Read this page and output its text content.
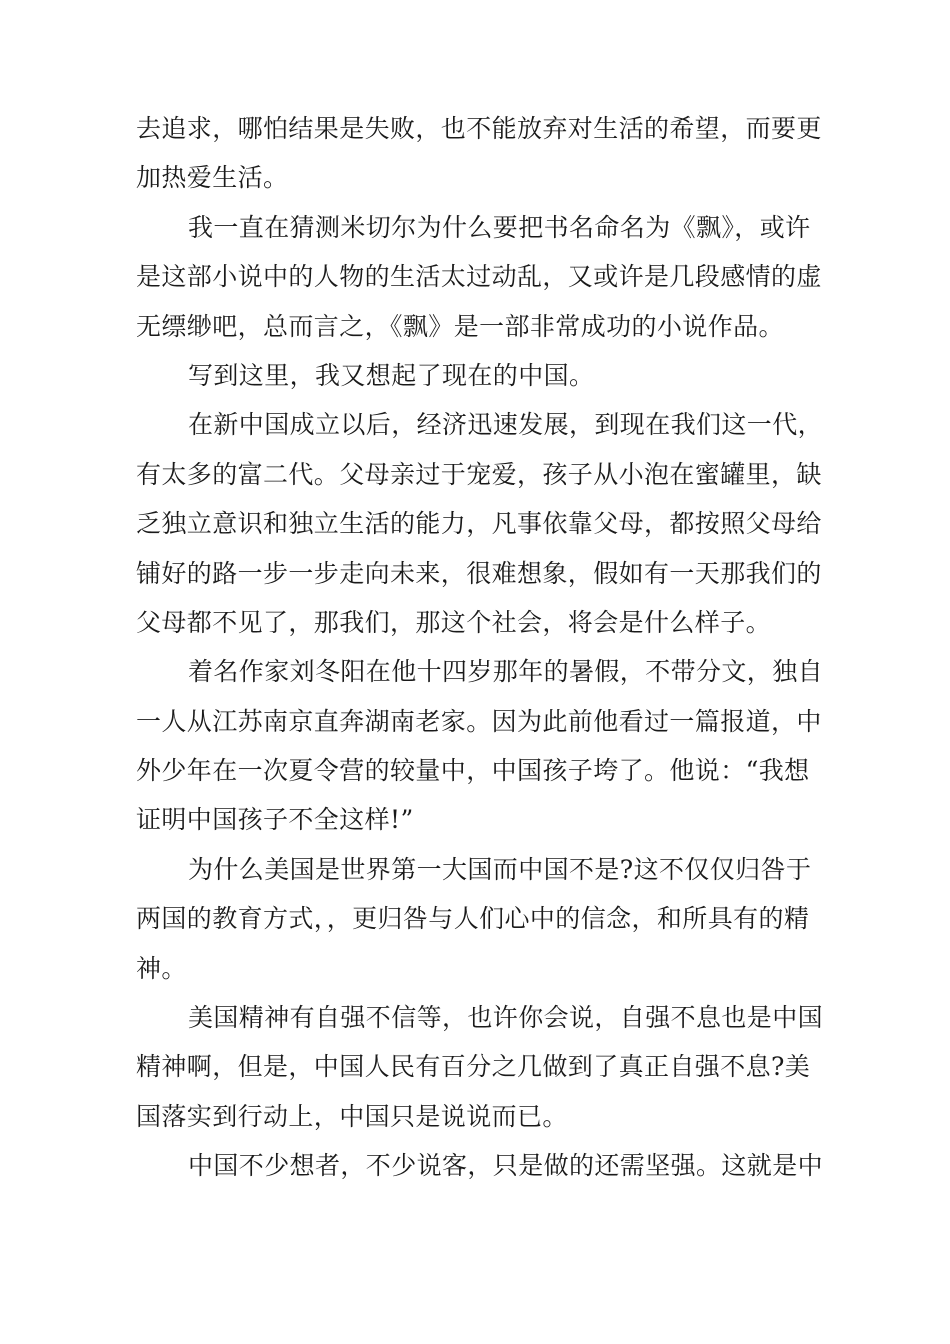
去追求，哪怕结果是失败，也不能放弃对生活的希望，而要更
加热爱生活。
我一直在猜测米切尔为什么要把书名命名为《飘》，或许
是这部小说中的人物的生活太过动乱，又或许是几段感情的虚
无缥缈吧，总而言之，《飘》是一部非常成功的小说作品。
写到这里，我又想起了现在的中国。
在新中国成立以后，经济迅速发展，到现在我们这一代，
有太多的富二代。父母亲过于宠爱，孩子从小泡在蜜罐里，缺
乏独立意识和独立生活的能力，凡事依靠父母，都按照父母给
铺好的路一步一步走向未来，很难想象，假如有一天那我们的
父母都不见了，那我们，那这个社会，将会是什么样子。
着名作家刘冬阳在他十四岁那年的暑假，不带分文，独自
一人从江苏南京直奔湖南老家。因为此前他看过一篇报道，中
外少年在一次夏令营的较量中，中国孩子垮了。他说：“我想
证明中国孩子不全这样!”
为什么美国是世界第一大国而中国不是?这不仅仅归咎于
两国的教育方式，，更归咎与人们心中的信念，和所具有的精
神。
美国精神有自强不信等，也许你会说，自强不息也是中国
精神啊，但是，中国人民有百分之几做到了真正自强不息?美
国落实到行动上，中国只是说说而已。
中国不少想者，不少说客，只是做的还需坚强。这就是中
